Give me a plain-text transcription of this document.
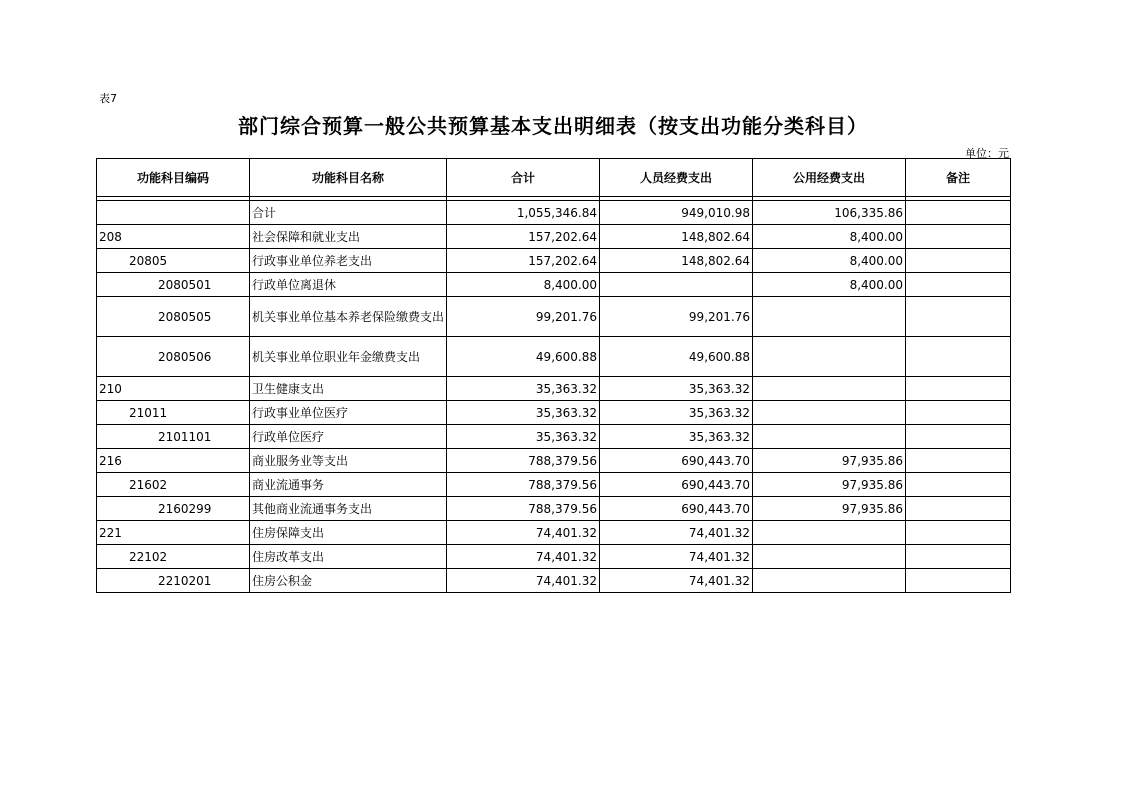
表7
部门综合预算一般公共预算基本支出明细表（按支出功能分类科目）
单位：元
功能科目编码	功能科目名称	合计	人员经费支出	公用经费支出	备注

	合计	1,055,346.84	949,010.98	106,335.86	
208	社会保障和就业支出	157,202.64	148,802.64	8,400.00	
20805	行政事业单位养老支出	157,202.64	148,802.64	8,400.00	
2080501	行政单位离退休	8,400.00		8,400.00	
2080505	机关事业单位基本养老保险缴费支出	99,201.76	99,201.76		
2080506	机关事业单位职业年金缴费支出	49,600.88	49,600.88		
210	卫生健康支出	35,363.32	35,363.32		
21011	行政事业单位医疗	35,363.32	35,363.32		
2101101	行政单位医疗	35,363.32	35,363.32		
216	商业服务业等支出	788,379.56	690,443.70	97,935.86	
21602	商业流通事务	788,379.56	690,443.70	97,935.86	
2160299	其他商业流通事务支出	788,379.56	690,443.70	97,935.86	
221	住房保障支出	74,401.32	74,401.32		
22102	住房改革支出	74,401.32	74,401.32		
2210201	住房公积金	74,401.32	74,401.32		
